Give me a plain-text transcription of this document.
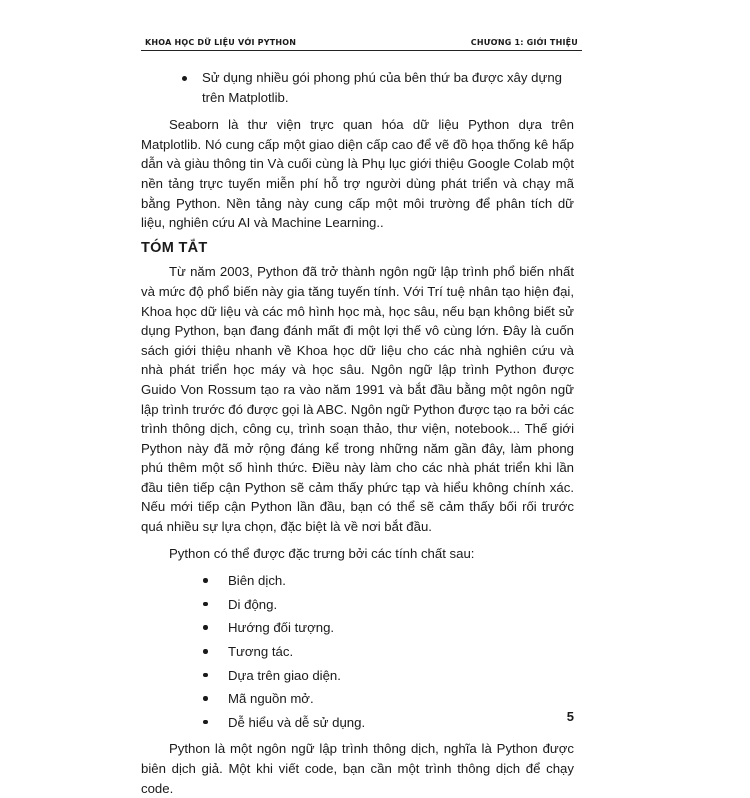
KHOA HỌC DỮ LIỆU VỚI PYTHON	CHƯƠNG 1: GIỚI THIỆU

Sử dụng nhiều gói phong phú của bên thứ ba được xây dựng trên Matplotlib.

Seaborn là thư viện trực quan hóa dữ liệu Python dựa trên Matplotlib. Nó cung cấp một giao diện cấp cao để vẽ đồ họa thống kê hấp dẫn và giàu thông tin Và cuối cùng là Phụ lục giới thiệu Google Colab một nền tảng trực tuyến miễn phí hỗ trợ người dùng phát triển và chạy mã bằng Python. Nền tảng này cung cấp một môi trường để phân tích dữ liệu, nghiên cứu AI và Machine Learning..

TÓM TẮT

Từ năm 2003, Python đã trở thành ngôn ngữ lập trình phổ biến nhất và mức độ phổ biến này gia tăng tuyến tính. Với Trí tuệ nhân tạo hiện đại, Khoa học dữ liệu và các mô hình học mà, học sâu, nếu bạn không biết sử dụng Python, bạn đang đánh mất đi một lợi thế vô cùng lớn. Đây là cuốn sách giới thiệu nhanh về Khoa học dữ liệu cho các nhà nghiên cứu và nhà phát triển học máy và học sâu. Ngôn ngữ lập trình Python được Guido Von Rossum tạo ra vào năm 1991 và bắt đầu bằng một ngôn ngữ lập trình trước đó được gọi là ABC. Ngôn ngữ Python được tạo ra bởi các trình thông dịch, công cụ, trình soạn thảo, thư viện, notebook... Thế giới Python này đã mở rộng đáng kể trong những năm gần đây, làm phong phú thêm một số hình thức. Điều này làm cho các nhà phát triển khi lần đầu tiên tiếp cận Python sẽ cảm thấy phức tạp và hiểu không chính xác. Nếu mới tiếp cận Python lần đầu, bạn có thể sẽ cảm thấy bối rối trước quá nhiều sự lựa chọn, đặc biệt là về nơi bắt đầu.

Python có thể được đặc trưng bởi các tính chất sau:

Biên dịch.
Di động.
Hướng đối tượng.
Tương tác.
Dựa trên giao diện.
Mã nguồn mở.
Dễ hiểu và dễ sử dụng.

Python là một ngôn ngữ lập trình thông dịch, nghĩa là Python được biên dịch giả. Một khi viết code, bạn cần một trình thông dịch để chạy code.

5
